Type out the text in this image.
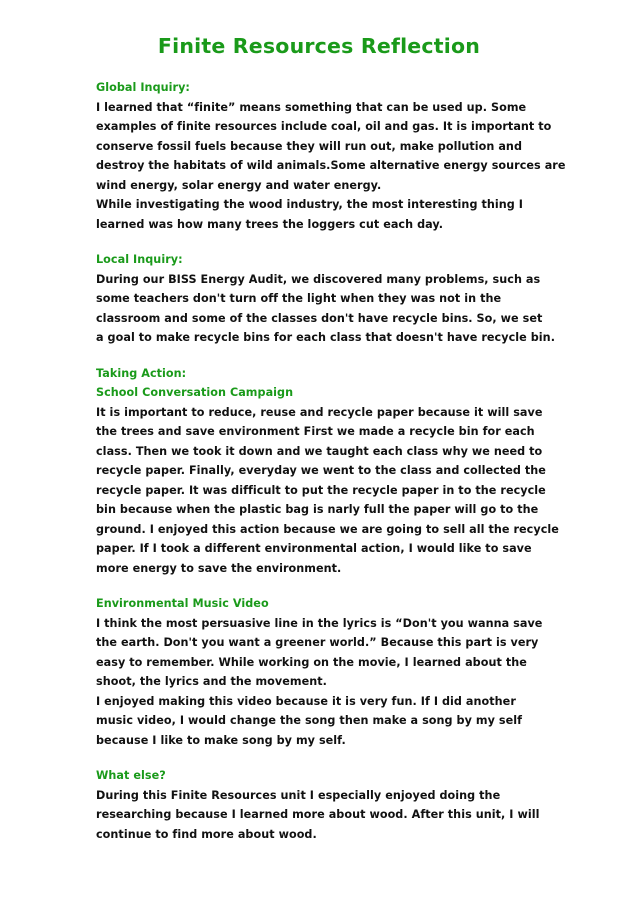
Finite Resources Reflection
Global Inquiry:
I learned that “finite” means something that can be used up. Some
examples of finite resources include coal, oil and gas. It is important to
conserve fossil fuels because they will run out, make pollution and
destroy the habitats of wild animals.Some alternative energy sources are
wind energy, solar energy and water energy.
While investigating the wood industry, the most interesting thing I
learned was how many trees the loggers cut each day.
Local Inquiry:
During our BISS Energy Audit, we discovered many problems, such as
some teachers don't turn off the light when they was not in the
classroom and some of the classes don't have recycle bins. So, we set
a goal to make recycle bins for each class that doesn't have recycle bin.
Taking Action:
School Conversation Campaign
It is important to reduce, reuse and recycle paper because it will save
the trees and save environment First we made a recycle bin for each
class. Then we took it down and we taught each class why we need to
recycle paper. Finally, everyday we went to the class and collected the
recycle paper. It was difficult to put the recycle paper in to the recycle
bin because when the plastic bag is narly full the paper will go to the
ground. I enjoyed this action because we are going to sell all the recycle
paper. If I took a different environmental action, I would like to save
more energy to save the environment.
Environmental Music Video
I think the most persuasive line in the lyrics is “Don't you wanna save
the earth. Don't you want a greener world.” Because this part is very
easy to remember. While working on the movie, I learned about the
shoot, the lyrics and the movement.
I enjoyed making this video because it is very fun. If I did another
music video, I would change the song then make a song by my self
because I like to make song by my self.
What else?
During this Finite Resources unit I especially enjoyed doing the
researching because I learned more about wood. After this unit, I will
continue to find more about wood.
